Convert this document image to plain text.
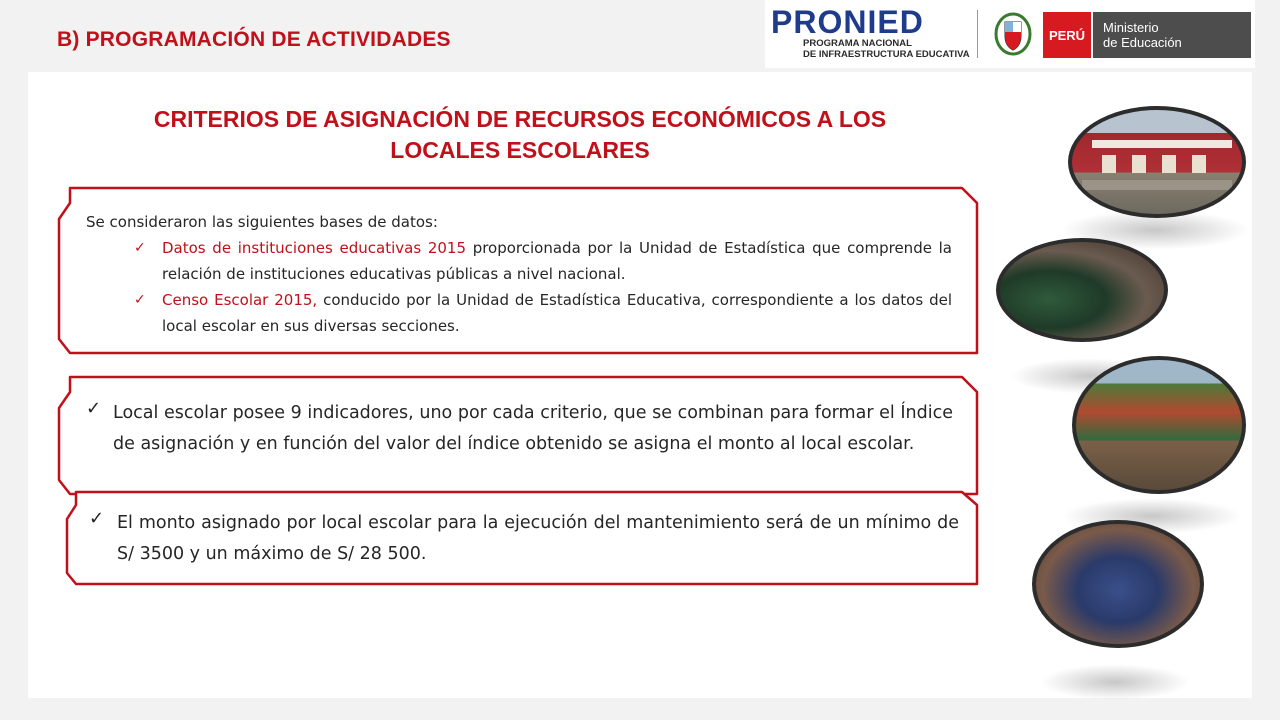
B) PROGRAMACIÓN DE ACTIVIDADES	PRONIED
PROGRAMA NACIONAL
DE INFRAESTRUCTURA EDUCATIVA
PERÚ	Ministerio
de Educación
CRITERIOS DE ASIGNACIÓN DE RECURSOS ECONÓMICOS A LOS
LOCALES ESCOLARES
Se consideraron las siguientes bases de datos:
✓ Datos de instituciones educativas 2015 proporcionada por la Unidad de Estadística que comprende la relación de instituciones educativas públicas a nivel nacional.
✓ Censo Escolar 2015, conducido por la Unidad de Estadística Educativa, correspondiente a los datos del local escolar en sus diversas secciones.
✓ Local escolar posee 9 indicadores, uno por cada criterio, que se combinan para formar el Índice de asignación y en función del valor del índice obtenido se asigna el monto al local escolar.
✓ El monto asignado por local escolar para la ejecución del mantenimiento será de un mínimo de S/ 3500 y un máximo de S/ 28 500.
